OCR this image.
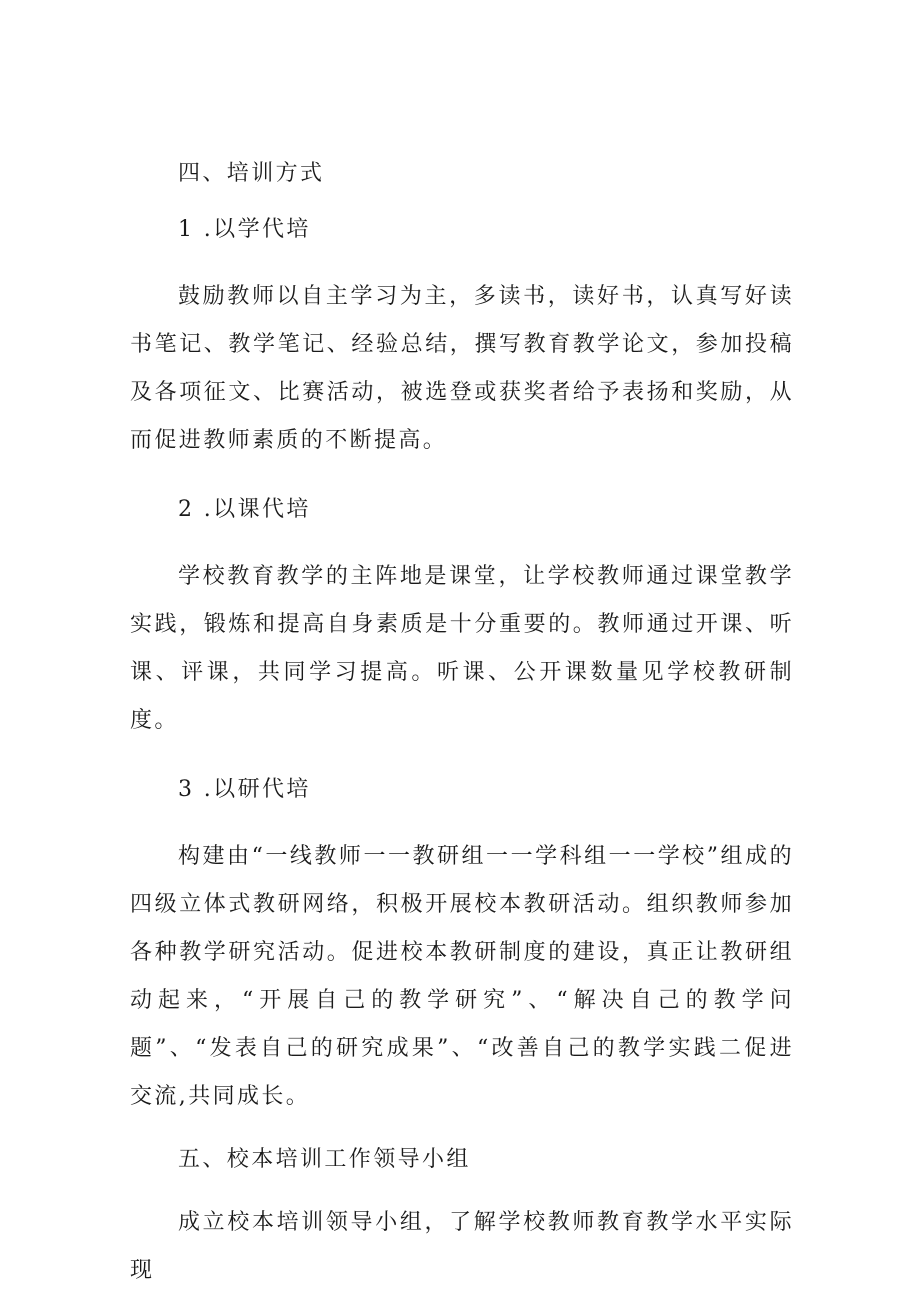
四、培训方式

1 .以学代培

鼓励教师以自主学习为主，多读书，读好书，认真写好读书笔记、教学笔记、经验总结，撰写教育教学论文，参加投稿及各项征文、比赛活动，被选登或获奖者给予表扬和奖励，从而促进教师素质的不断提高。

2 .以课代培

学校教育教学的主阵地是课堂，让学校教师通过课堂教学实践，锻炼和提高自身素质是十分重要的。教师通过开课、听课、评课，共同学习提高。听课、公开课数量见学校教研制度。

3 .以研代培

构建由“一线教师一一教研组一一学科组一一学校”组成的四级立体式教研网络，积极开展校本教研活动。组织教师参加各种教学研究活动。促进校本教研制度的建设，真正让教研组动起来，“开展自己的教学研究”、“解决自己的教学问题”、“发表自己的研究成果”、“改善自己的教学实践二促进交流,共同成长。

五、校本培训工作领导小组

成立校本培训领导小组，了解学校教师教育教学水平实际现
